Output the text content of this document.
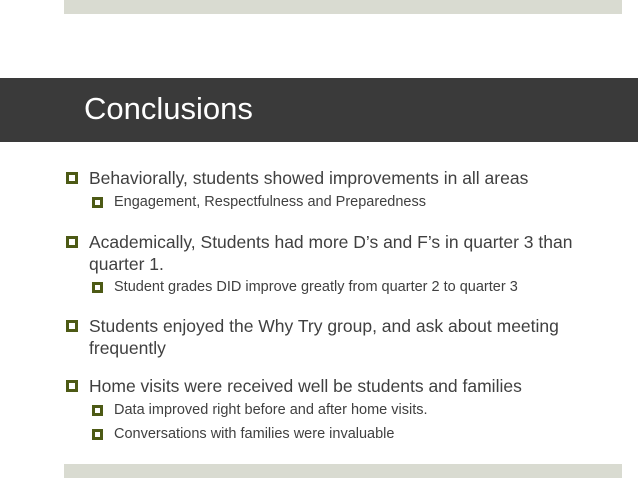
Conclusions
Behaviorally, students showed improvements in all areas
Engagement, Respectfulness and Preparedness
Academically, Students had more D’s and F’s in quarter 3 than
quarter 1.
Student grades DID improve greatly from quarter 2 to quarter 3
Students enjoyed the Why Try group, and ask about meeting
frequently
Home visits were received well be students and families
Data improved right before and after home visits.
Conversations with families were invaluable
